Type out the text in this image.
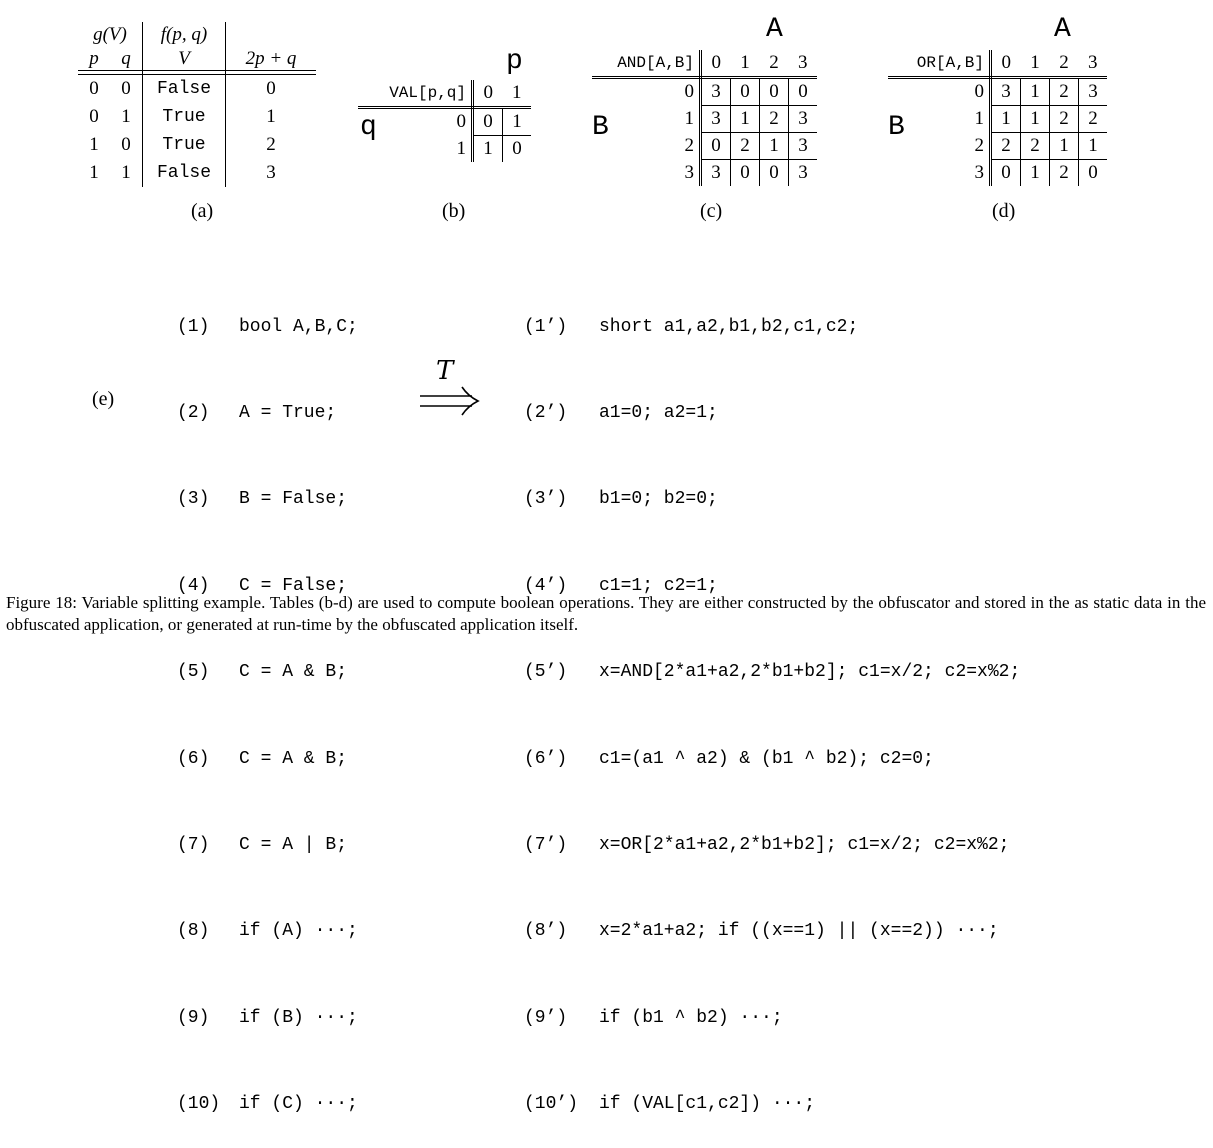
g(V)		f(p, q)	
p	q	V	2p + q

0	0	False	0
0	1	True	1
1	0	True	2
1	1	False	3
(a)
p
q
VAL[p,q]	0	1
0	0	1
1	1	0
(b)
A
B
AND[A,B]	0	1	2	3
0	3	0	0	0
1	3	1	2	3
2	0	2	1	3
3	3	0	0	3
(c)
A
B
OR[A,B]	0	1	2	3
0	3	1	2	3
1	1	1	2	2
2	2	2	1	1
3	0	1	2	0
(d)
(e)

(1) bool A,B,C;

(2) A = True;

(3) B = False;

(4) C = False;

(5) C = A & B;

(6) C = A & B;

(7) C = A | B;

(8) if (A) ···;

(9) if (B) ···;

(10) if (C) ···;

T

(1’) short a1,a2,b1,b2,c1,c2;

(2’) a1=0; a2=1;

(3’) b1=0; b2=0;

(4’) c1=1; c2=1;

(5’) x=AND[2*a1+a2,2*b1+b2]; c1=x/2; c2=x%2;

(6’) c1=(a1 ^ a2) & (b1 ^ b2); c2=0;

(7’) x=OR[2*a1+a2,2*b1+b2]; c1=x/2; c2=x%2;

(8’) x=2*a1+a2; if ((x==1) || (x==2)) ···;

(9’) if (b1 ^ b2) ···;

(10’) if (VAL[c1,c2]) ···;

Figure 18: Variable splitting example. Tables (b-d) are used to compute boolean operations. They are either constructed by the obfuscator and stored in the as static data in the obfuscated application, or generated at run-time by the obfuscated application itself.
